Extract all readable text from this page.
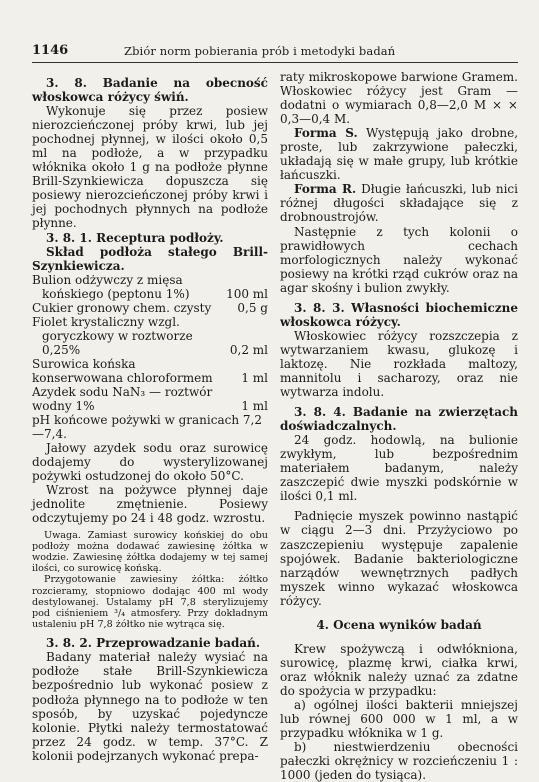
1146	Zbiór norm pobierania prób i metodyki badań

3. 8. Badanie na obecność włoskowca różycy świń.

Wykonuje się przez posiew nierozcieńczonej próby krwi, lub jej pochodnej płynnej, w ilości około 0,5 ml na podłoże, a w przypadku włóknika około 1 g na podłoże płynne Brill-Szynkiewicza dopuszcza się posiewy nierozcieńczonej próby krwi i jej pochodnych płynnych na podłoże płynne.

3. 8. 1. Receptura podłoży.

Skład podłoża stałego Brill-Szynkiewicza.

Bulion odżywczy z mięsa
końskiego (peptonu 1%)	100 ml
Cukier gronowy chem. czysty 0,5 g
Fiolet krystaliczny wzgl.
goryczkowy w roztworze
0,25%	0,2 ml
Surowica końska konserwowana chloroformem	1 ml
Azydek sodu NaN₃ — roztwór wodny 1%	1 ml
pH końcowe pożywki w granicach 7,2—7,4.

Jałowy azydek sodu oraz surowicę dodajemy do wysterylizowanej pożywki ostudzonej do około 50°C.

Wzrost na pożywce płynnej daje jednolite zmętnienie. Posiewy odczytujemy po 24 i 48 godz. wzrostu.

Uwaga. Zamiast surowicy końskiej do obu podłoży można dodawać zawiesinę żółtka w wodzie. Zawiesinę żółtka dodajemy w tej samej ilości, co surowicę końską.

Przygotowanie zawiesiny żółtka: żółtko rozcieramy, stopniowo dodając 400 ml wody destylowanej. Ustalamy pH 7,8 sterylizujemy pod ciśnieniem ³/₄ atmosfery. Przy dokładnym ustaleniu pH 7,8 żółtko nie wytrąca się.

3. 8. 2. Przeprowadzanie badań.

Badany materiał należy wysiać na podłoże stałe Brill-Szynkiewicza bezpośrednio lub wykonać posiew z podłoża płynnego na to podłoże w ten sposób, by uzyskać pojedyncze kolonie. Płytki należy termostatować przez 24 godz. w temp. 37°C. Z kolonii podejrzanych wykonać prepa-

raty mikroskopowe barwione Gramem. Włoskowiec różycy jest Gram — dodatni o wymiarach 0,8—2,0 M × × 0,3—0,4 M.

Forma S. Występują jako drobne, proste, lub zakrzywione pałeczki, układają się w małe grupy, lub krótkie łańcuszki.

Forma R. Długie łańcuszki, lub nici różnej długości składające się z drobnoustrojów.

Następnie z tych kolonii o prawidłowych cechach morfologicznych należy wykonać posiewy na krótki rząd cukrów oraz na agar skośny i bulion zwykły.

3. 8. 3. Własności biochemiczne włoskowca różycy.

Włoskowiec różycy rozszczepia z wytwarzaniem kwasu, glukozę i laktozę. Nie rozkłada maltozy, mannitolu i sacharozy, oraz nie wytwarza indolu.

3. 8. 4. Badanie na zwierzętach doświadczalnych.

24 godz. hodowlą, na bulionie zwykłym, lub bezpośrednim materiałem badanym, należy zaszczepić dwie myszki podskórnie w ilości 0,1 ml.

Padnięcie myszek powinno nastąpić w ciągu 2—3 dni. Przyżyciowo po zaszczepieniu występuje zapalenie spojówek. Badanie bakteriologiczne narządów wewnętrznych padłych myszek winno wykazać włoskowca różycy.

4. Ocena wyników badań

Krew spożywczą i odwłókniona, surowicę, plazmę krwi, ciałka krwi, oraz włóknik należy uznać za zdatne do spożycia w przypadku:

a) ogólnej ilości bakterii mniejszej lub równej 600 000 w 1 ml, a w przypadku włóknika w 1 g.

b) niestwierdzeniu obecności pałeczki okrężnicy w rozcieńczeniu 1 : 1000 (jeden do tysiąca).
